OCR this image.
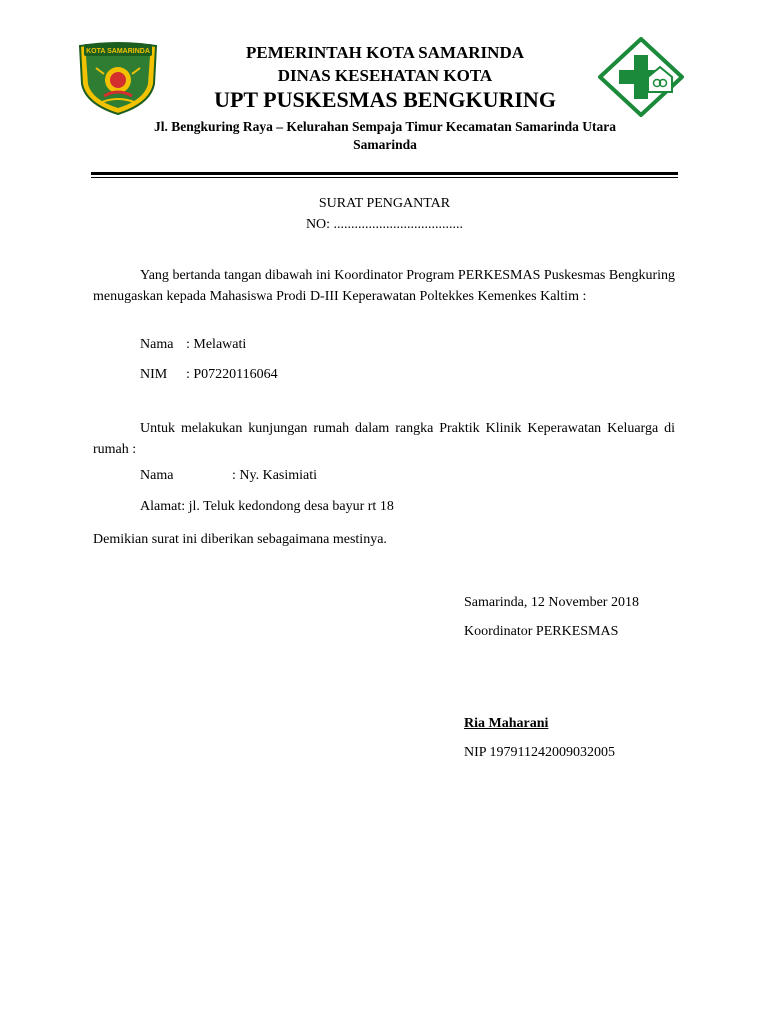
KOTA SAMARINDA	PEMERINTAH KOTA SAMARINDA
DINAS KESEHATAN KOTA
UPT PUSKESMAS BENGKURING
Jl. Bengkuring Raya – Kelurahan Sempaja Timur Kecamatan Samarinda Utara
Samarinda
SURAT PENGANTAR
NO: .....................................
Yang bertanda tangan dibawah ini Koordinator Program PERKESMAS Puskesmas Bengkuring menugaskan kepada Mahasiswa Prodi D-III Keperawatan Poltekkes Kemenkes Kaltim :
Nama : Melawati
NIM : P07220116064
Untuk melakukan kunjungan rumah dalam rangka Praktik Klinik Keperawatan Keluarga di rumah :
Nama	: Ny. Kasimiati
Alamat: jl. Teluk kedondong desa bayur rt 18
Demikian surat ini diberikan sebagaimana mestinya.
Samarinda, 12 November 2018
Koordinator PERKESMAS
Ria Maharani
NIP 197911242009032005
